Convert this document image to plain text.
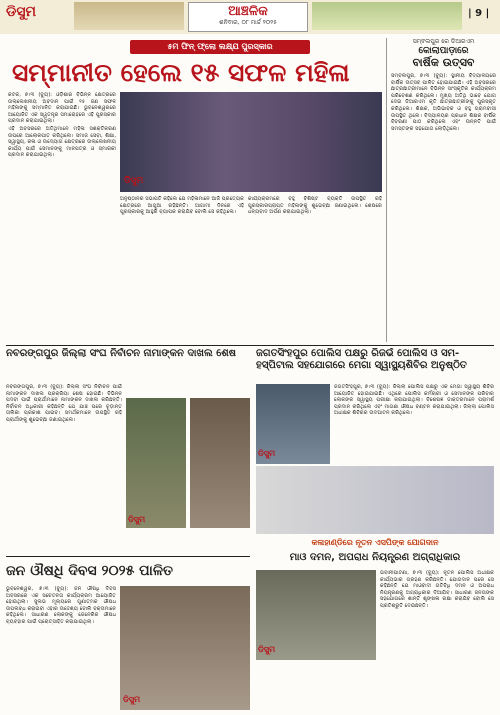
ଡିସୁମ	ଆଞ୍ଚଳିକ
ଶନିବାର, ୦୮ ମାର୍ଚ୍ଚ ୨୦୨୫
| 9 |
୫ମ ଫିନ୍ ଫ୍ଲୋ ଲକ୍ଷ୍ଯ ପୁରସ୍କାର
ସମ୍ମାନୀତ ହେଲେ ୧୫ ସଫଳ ମହିଳା
ଡିସୁମ

କଟକ, ୭।୩ (ବ୍ୟୁ): ଓଡ଼ିଶାର ବିଭିନ୍ନ କ୍ଷେତ୍ରରେ ଉଲ୍ଲେଖନୀୟ ଅବଦାନ ପାଇଁ ୧୫ ଜଣ ସଫଳ ମହିଳାଙ୍କୁ ସମ୍ମାନିତ କରାଯାଇଛି। ଭୁବନେଶ୍ୱରରେ ଆୟୋଜିତ ଏକ ସ୍ୱତନ୍ତ୍ର ସମାରୋହରେ ଏହି ପୁରସ୍କାର ପ୍ରଦାନ କରାଯାଇଥିଲା।

ଏହି ଅବସରରେ ଅତିଥିମାନେ ମହିଳା ସଶକ୍ତିକରଣ ଉପରେ ଆଲୋକପାତ କରିଥିଲେ। ସମାଜ ସେବା, ଶିକ୍ଷା, ସ୍ୱାସ୍ଥ୍ୟ, କଳା ଓ ଉଦ୍ୟୋଗ କ୍ଷେତ୍ରରେ ଉଲ୍ଲେଖନୀୟ କାର୍ଯ୍ୟ ପାଇଁ ସେମାନଙ୍କୁ ମାନପତ୍ର ଓ ସ୍ମାରକୀ ପ୍ରଦାନ କରାଯାଇଥିଲା।

ଅନୁଷ୍ଠାନର ସଭାପତି କହିଲେ ଯେ ମହିଳାମାନେ ଆଜି ପ୍ରତ୍ୟେକ କ୍ଷେତ୍ରରେ ଆଗୁଆ ରହିଛନ୍ତି। ଆଗାମୀ ଦିନରେ ଏହି ପୁରସ୍କାରକୁ ଆହୁରି ବ୍ୟାପକ କରାଯିବ ବୋଲି ସେ କହିଥିଲେ।

କାର୍ଯ୍ୟକ୍ରମରେ ବହୁ ବିଶିଷ୍ଟ ବ୍ୟକ୍ତି ଉପସ୍ଥିତ ରହି ପୁରସ୍କାରପ୍ରାପ୍ତ ମହିଳାଙ୍କୁ ଶୁଭେଚ୍ଛା ଜଣାଇଥିଲେ। ଶେଷରେ ଧନ୍ୟବାଦ ଅର୍ପଣ କରାଯାଇଥିଲା।

ସମ୍ବଲପୁର ରେ ଡିଆରଏମ
କୋଲାପାଡ଼ାରେ
ବାର୍ଷିକ ଉତ୍ସବ
ସମ୍ବଲପୁର, ୭।୩ (ବ୍ୟୁ): ସ୍ଥାନୀୟ ବିଦ୍ୟାଳୟରେ ବାର୍ଷିକ ଉତ୍ସବ ପାଳିତ ହୋଇଯାଇଛି। ଏହି ଅବସରରେ ଛାତ୍ରଛାତ୍ରୀମାନେ ବିଭିନ୍ନ ସାଂସ୍କୃତିକ କାର୍ଯ୍ୟକ୍ରମ ପରିବେଶଣ କରିଥିଲେ। ମୁଖ୍ୟ ଅତିଥି ଭାବେ ଯୋଗ ଦେଇ ଡିଆରଏମ କୃତି ଛାତ୍ରଛାତ୍ରୀଙ୍କୁ ପୁରସ୍କୃତ କରିଥିଲେ। ଶିକ୍ଷକ, ଅଭିଭାବକ ଓ ବହୁ ଗ୍ରାମବାସୀ ଉପସ୍ଥିତ ଥିଲେ। ବିଦ୍ୟାଳୟର ପ୍ରଧାନ ଶିକ୍ଷକ ବାର୍ଷିକ ବିବରଣୀ ପାଠ କରିଥିଲେ ଏବଂ ଉନ୍ନତି ପାଇଁ ସମସ୍ତଙ୍କ ସହଯୋଗ ଲୋଡ଼ିଥିଲେ।
ନବରଙ୍ଗପୁର ଜିଲ୍ଲା ସଂଘ ନିର୍ବାଚନ ନାମାଙ୍କନ ଦାଖଲ ଶେଷ
ନବରଙ୍ଗପୁର, ୭।୩ (ବ୍ୟୁ): ଜିଲ୍ଲା ସଂଘ ନିର୍ବାଚନ ପାଇଁ ନାମାଙ୍କନ ଦାଖଲ ପ୍ରକ୍ରିୟା ଶେଷ ହୋଇଛି। ବିଭିନ୍ନ ପଦବୀ ପାଇଁ ପ୍ରାର୍ଥୀମାନେ ନାମାଙ୍କନ ଦାଖଲ କରିଛନ୍ତି। ନିର୍ବାଚନ ଅଧିକାରୀ କହିଛନ୍ତି ଯେ ଯାଞ୍ଚ ପରେ ଚୂଡ଼ାନ୍ତ ତାଲିକା ପ୍ରକାଶ ପାଇବ। ସମର୍ଥକମାନେ ଉପସ୍ଥିତ ରହି ପ୍ରାର୍ଥୀଙ୍କୁ ଶୁଭେଚ୍ଛା ଜଣାଇଥିଲେ।
ଡିସୁମ
ଜଗତସିଂହପୁର ପୋଲିସ ପକ୍ଷରୁ ରିଜର୍ଭ ପୋଲିସ ଓ ସମ-ହସ୍ପିଟାଲ ସହଯୋଗରେ ମେଗା ସ୍ୱାସ୍ଥ୍ୟଶିବିର ଅନୁଷ୍ଠିତ
ଡିସୁମ
ଜଗତସିଂହପୁର, ୭।୩ (ବ୍ୟୁ): ଜିଲ୍ଲା ପୋଲିସ ପକ୍ଷରୁ ଏକ ମେଗା ସ୍ୱାସ୍ଥ୍ୟ ଶିବିର ଆୟୋଜିତ ହୋଇଯାଇଛି। ଏଥିରେ ପୋଲିସ କର୍ମଚାରୀ ଓ ସେମାନଙ୍କ ପରିବାର ଲୋକଙ୍କ ସ୍ୱାସ୍ଥ୍ୟ ପରୀକ୍ଷା କରାଯାଇଥିଲା। ବିଶେଷଜ୍ଞ ଡାକ୍ତରମାନେ ପରାମର୍ଶ ପ୍ରଦାନ କରିଥିଲେ ଏବଂ ମାଗଣା ଔଷଧ ବଣ୍ଟନ କରାଯାଇଥିଲା। ଜିଲ୍ଲା ପୋଲିସ ଅଧୀକ୍ଷକ ଶିବିରର ଉଦଘାଟନ କରିଥିଲେ।
ଜନ ଔଷଧି ଦିବସ ୨୦୨୫ ପାଳିତ
ଭୁବନେଶ୍ୱର, ୭।୩ (ବ୍ୟୁ): ଜନ ଔଷଧି ଦିବସ ଅବସରରେ ଏକ ସଚେତନତା କାର୍ଯ୍ୟକ୍ରମ ଆୟୋଜିତ ହୋଇଥିଲା। ସୁଲଭ ମୂଲ୍ୟରେ ଗୁଣାତ୍ମକ ଔଷଧ ଉପଲବ୍ଧ କରାଇବା ଏହାର ଉଦ୍ଦେଶ୍ୟ ବୋଲି ବକ୍ତାମାନେ କହିଥିଲେ। ସାଧାରଣ ଲୋକଙ୍କୁ ଜେନେରିକ ଔଷଧ ବ୍ୟବହାର ପାଇଁ ପ୍ରୋତ୍ସାହିତ କରାଯାଇଥିଲା।
ଡିସୁମ
କଳାହାଣ୍ଡିରେ ନୂତନ ଏସପିଙ୍କ ଯୋଗଦାନ
ମାଓ ଦମନ, ଅପରାଧ ନିୟନ୍ତ୍ରଣ ଅଗ୍ରାଧିକାର
ଡିସୁମ
ଭବାନୀପାଟଣା, ୭।୩ (ବ୍ୟୁ): ନୂତନ ପୋଲିସ ଅଧୀକ୍ଷକ କାର୍ଯ୍ୟଭାର ଗ୍ରହଣ କରିଛନ୍ତି। ଯୋଗଦାନ ପରେ ସେ କହିଛନ୍ତି ଯେ ମାଓବାଦୀ ଗତିବିଧି ଦମନ ଓ ଅପରାଧ ନିୟନ୍ତ୍ରଣକୁ ଅଗ୍ରାଧିକାର ଦିଆଯିବ। ସାଧାରଣ ଜନତାଙ୍କ ସହଯୋଗରେ ଶାନ୍ତି ଶୃଙ୍ଖଳା ରକ୍ଷା କରାଯିବ ବୋଲି ସେ ପ୍ରତିଶ୍ରୁତି ଦେଇଛନ୍ତି।
